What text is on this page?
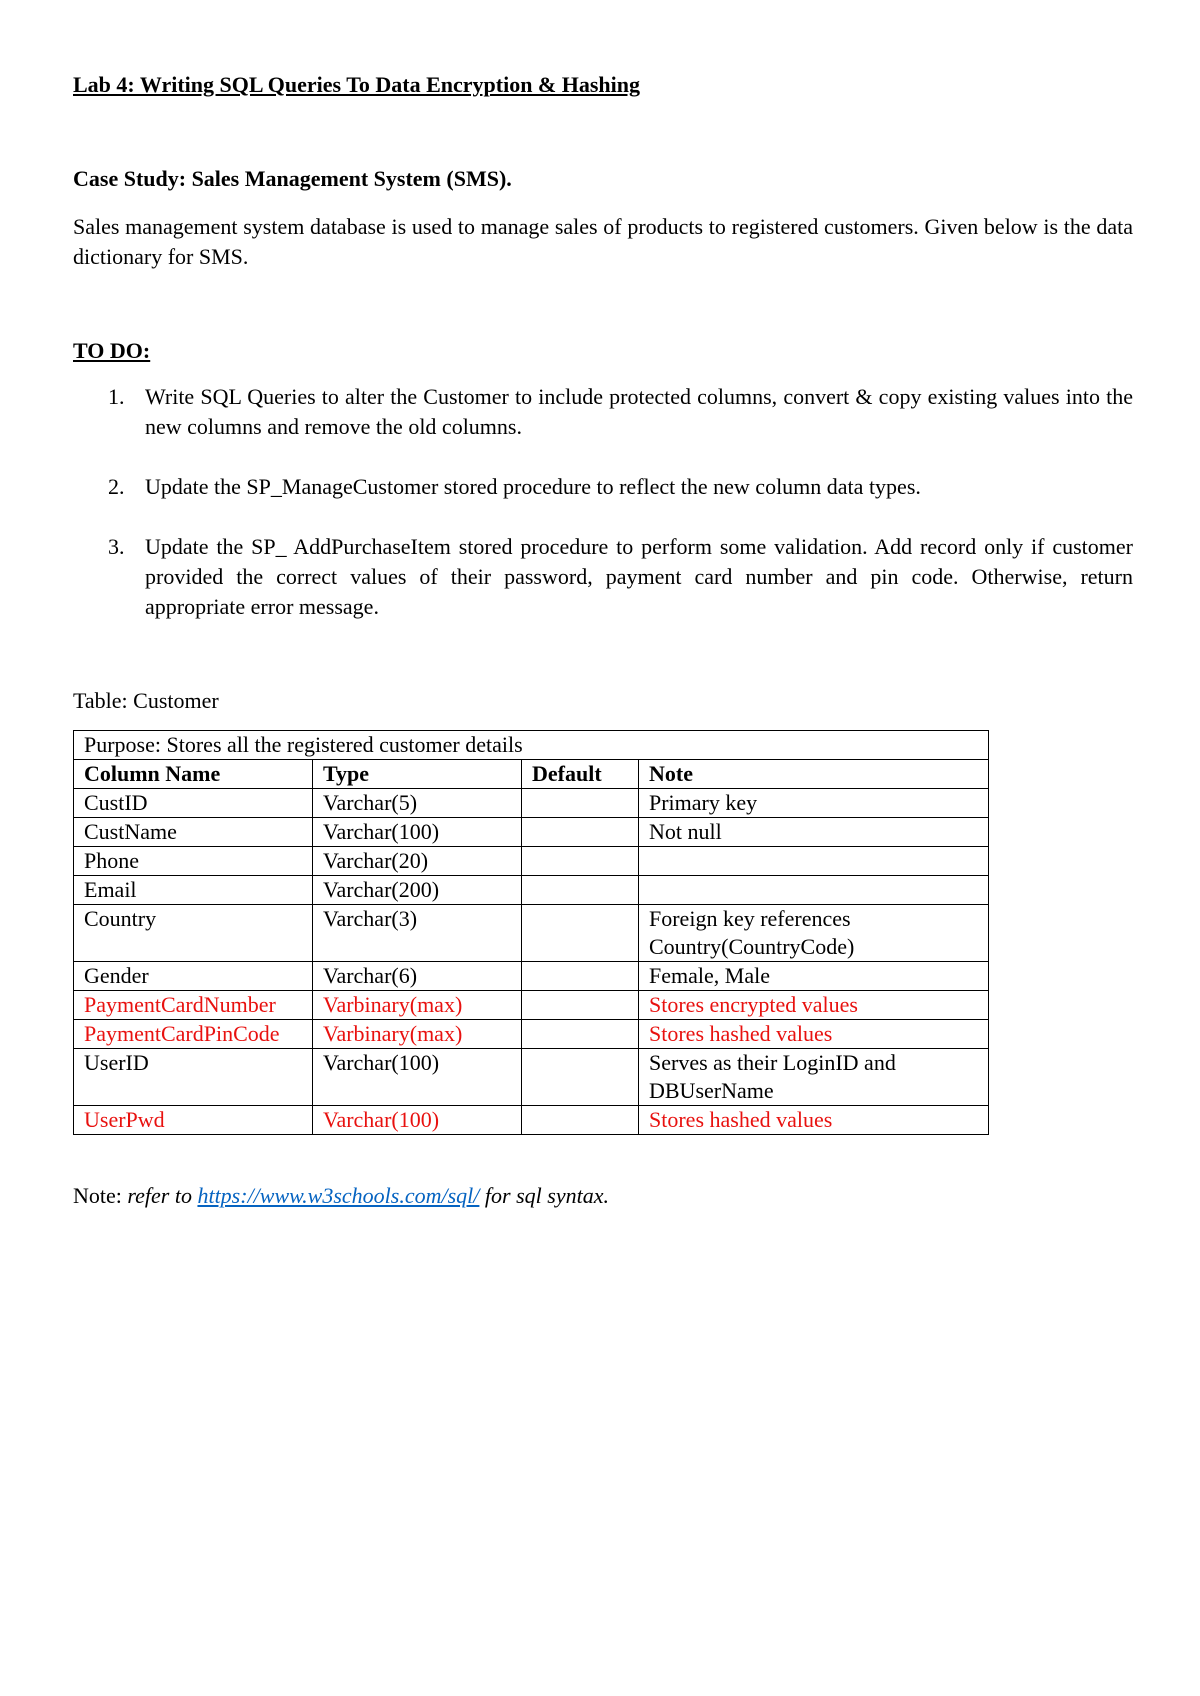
Lab 4: Writing SQL Queries To Data Encryption & Hashing
Case Study: Sales Management System (SMS).

Sales management system database is used to manage sales of products to registered customers. Given below is the data dictionary for SMS.

TO DO:
1. Write SQL Queries to alter the Customer to include protected columns, convert & copy existing values into the new columns and remove the old columns.
2. Update the SP_ManageCustomer stored procedure to reflect the new column data types.
3. Update the SP_ AddPurchaseItem stored procedure to perform some validation. Add record only if customer provided the correct values of their password, payment card number and pin code. Otherwise, return appropriate error message.
Table: Customer
Purpose: Stores all the registered customer details			
Column Name	Type	Default	Note
CustID	Varchar(5)		Primary key
CustName	Varchar(100)		Not null
Phone	Varchar(20)		
Email	Varchar(200)		
Country	Varchar(3)		Foreign key references Country(CountryCode)
Gender	Varchar(6)		Female, Male
PaymentCardNumber	Varbinary(max)		Stores encrypted values
PaymentCardPinCode	Varbinary(max)		Stores hashed values
UserID	Varchar(100)		Serves as their LoginID and DBUserName
UserPwd	Varchar(100)		Stores hashed values
Note: refer to https://www.w3schools.com/sql/ for sql syntax.
